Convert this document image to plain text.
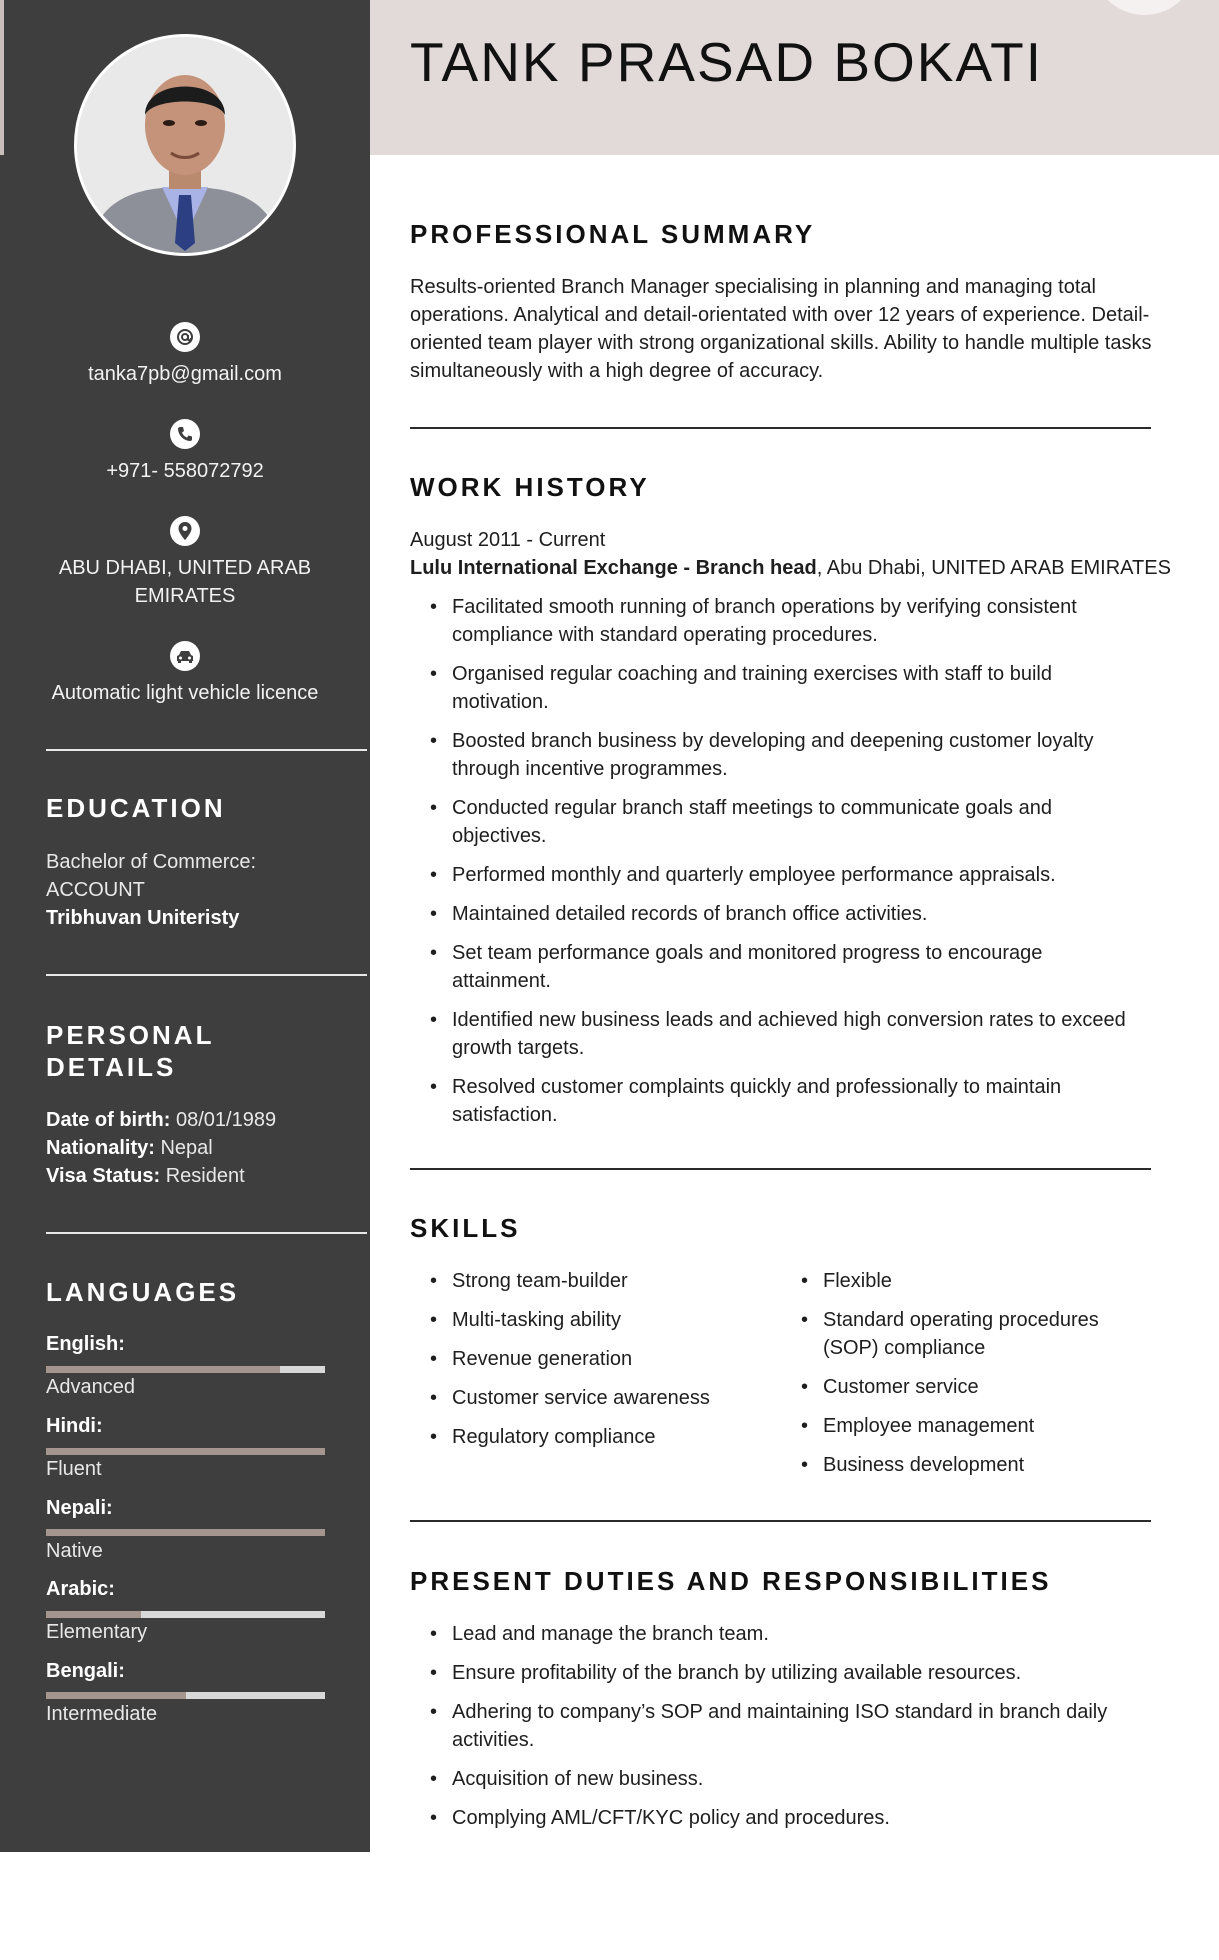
tanka7pb@gmail.com
+971- 558072792
ABU DHABI, UNITED ARAB EMIRATES
Automatic light vehicle licence
EDUCATION
Bachelor of Commerce: ACCOUNT
Tribhuvan Uniteristy
PERSONAL
DETAILS
Date of birth: 08/01/1989
Nationality: Nepal
Visa Status: Resident
LANGUAGES
English:
Advanced
Hindi:
Fluent
Nepali:
Native
Arabic:
Elementary
Bengali:
Intermediate
TANK PRASAD BOKATI
PROFESSIONAL SUMMARY

Results-oriented Branch Manager specialising in planning and managing total operations. Analytical and detail-orientated with over 12 years of experience. Detail-oriented team player with strong organizational skills. Ability to handle multiple tasks simultaneously with a high degree of accuracy.

WORK HISTORY
August 2011 - Current
Lulu International Exchange - Branch head, Abu Dhabi, UNITED ARAB EMIRATES
• Facilitated smooth running of branch operations by verifying consistent compliance with standard operating procedures.
• Organised regular coaching and training exercises with staff to build motivation.
• Boosted branch business by developing and deepening customer loyalty through incentive programmes.
• Conducted regular branch staff meetings to communicate goals and objectives.
• Performed monthly and quarterly employee performance appraisals.
• Maintained detailed records of branch office activities.
• Set team performance goals and monitored progress to encourage attainment.
• Identified new business leads and achieved high conversion rates to exceed growth targets.
• Resolved customer complaints quickly and professionally to maintain satisfaction.
SKILLS
• Strong team-builder
• Multi-tasking ability
• Revenue generation
• Customer service awareness
• Regulatory compliance
• Flexible
• Standard operating procedures (SOP) compliance
• Customer service
• Employee management
• Business development
PRESENT DUTIES AND RESPONSIBILITIES
• Lead and manage the branch team.
• Ensure profitability of the branch by utilizing available resources.
• Adhering to company’s SOP and maintaining ISO standard in branch daily activities.
• Acquisition of new business.
• Complying AML/CFT/KYC policy and procedures.
